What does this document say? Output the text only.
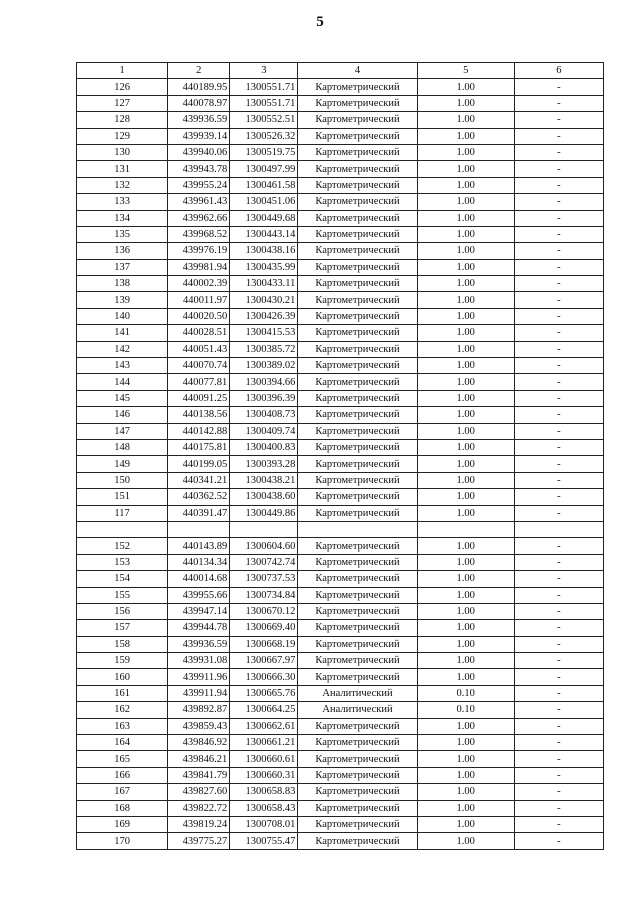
5
1	2	3	4	5	6
126	440189.95	1300551.71	Картометрический	1.00	-
127	440078.97	1300551.71	Картометрический	1.00	-
128	439936.59	1300552.51	Картометрический	1.00	-
129	439939.14	1300526.32	Картометрический	1.00	-
130	439940.06	1300519.75	Картометрический	1.00	-
131	439943.78	1300497.99	Картометрический	1.00	-
132	439955.24	1300461.58	Картометрический	1.00	-
133	439961.43	1300451.06	Картометрический	1.00	-
134	439962.66	1300449.68	Картометрический	1.00	-
135	439968.52	1300443.14	Картометрический	1.00	-
136	439976.19	1300438.16	Картометрический	1.00	-
137	439981.94	1300435.99	Картометрический	1.00	-
138	440002.39	1300433.11	Картометрический	1.00	-
139	440011.97	1300430.21	Картометрический	1.00	-
140	440020.50	1300426.39	Картометрический	1.00	-
141	440028.51	1300415.53	Картометрический	1.00	-
142	440051.43	1300385.72	Картометрический	1.00	-
143	440070.74	1300389.02	Картометрический	1.00	-
144	440077.81	1300394.66	Картометрический	1.00	-
145	440091.25	1300396.39	Картометрический	1.00	-
146	440138.56	1300408.73	Картометрический	1.00	-
147	440142.88	1300409.74	Картометрический	1.00	-
148	440175.81	1300400.83	Картометрический	1.00	-
149	440199.05	1300393.28	Картометрический	1.00	-
150	440341.21	1300438.21	Картометрический	1.00	-
151	440362.52	1300438.60	Картометрический	1.00	-
117	440391.47	1300449.86	Картометрический	1.00	-

152	440143.89	1300604.60	Картометрический	1.00	-
153	440134.34	1300742.74	Картометрический	1.00	-
154	440014.68	1300737.53	Картометрический	1.00	-
155	439955.66	1300734.84	Картометрический	1.00	-
156	439947.14	1300670.12	Картометрический	1.00	-
157	439944.78	1300669.40	Картометрический	1.00	-
158	439936.59	1300668.19	Картометрический	1.00	-
159	439931.08	1300667.97	Картометрический	1.00	-
160	439911.96	1300666.30	Картометрический	1.00	-
161	439911.94	1300665.76	Аналитический	0.10	-
162	439892.87	1300664.25	Аналитический	0.10	-
163	439859.43	1300662.61	Картометрический	1.00	-
164	439846.92	1300661.21	Картометрический	1.00	-
165	439846.21	1300660.61	Картометрический	1.00	-
166	439841.79	1300660.31	Картометрический	1.00	-
167	439827.60	1300658.83	Картометрический	1.00	-
168	439822.72	1300658.43	Картометрический	1.00	-
169	439819.24	1300708.01	Картометрический	1.00	-
170	439775.27	1300755.47	Картометрический	1.00	-
